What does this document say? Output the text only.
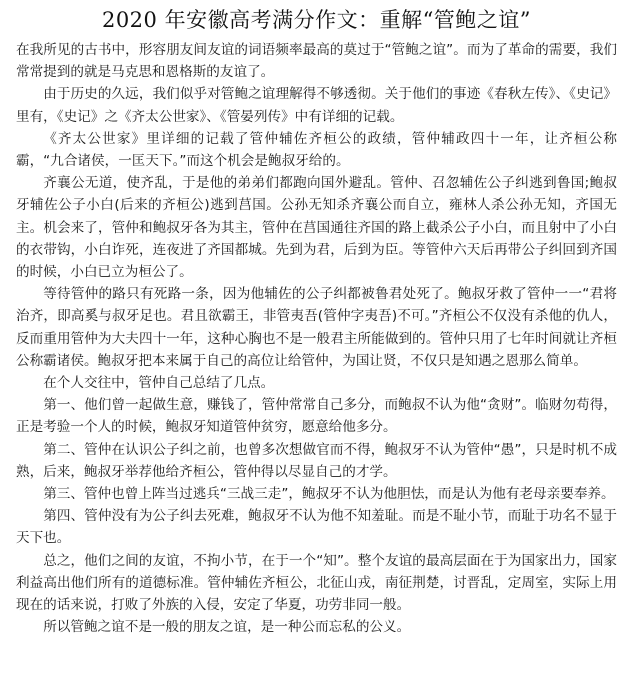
2020 年安徽高考满分作文：重解“管鲍之谊”

在我所见的古书中，形容朋友间友谊的词语频率最高的莫过于“管鲍之谊”。而为了革命的需要，我们常常提到的就是马克思和恩格斯的友谊了。

由于历史的久远，我们似乎对管鲍之谊理解得不够透彻。关于他们的事迹《春秋左传》、《史记》里有，《史记》之《齐太公世家》、《管晏列传》中有详细的记载。

《齐太公世家》里详细的记载了管仲辅佐齐桓公的政绩，管仲辅政四十一年，让齐桓公称霸，“九合诸侯，一匡天下。”而这个机会是鲍叔牙给的。

齐襄公无道，使齐乱，于是他的弟弟们都跑向国外避乱。管仲、召忽辅佐公子纠逃到鲁国;鲍叔牙辅佐公子小白(后来的齐桓公)逃到莒国。公孙无知杀齐襄公而自立，雍林人杀公孙无知，齐国无主。机会来了，管仲和鲍叔牙各为其主，管仲在莒国通往齐国的路上截杀公子小白，而且射中了小白的衣带钩，小白诈死，连夜进了齐国都城。先到为君，后到为臣。等管仲六天后再带公子纠回到齐国的时候，小白已立为桓公了。

等待管仲的路只有死路一条，因为他辅佐的公子纠都被鲁君处死了。鲍叔牙救了管仲一一“君将治齐，即高奚与叔牙足也。君且欲霸王，非管夷吾(管仲字夷吾)不可。”齐桓公不仅没有杀他的仇人，反而重用管仲为大夫四十一年，这种心胸也不是一般君主所能做到的。管仲只用了七年时间就让齐桓公称霸诸侯。鲍叔牙把本来属于自己的高位让给管仲，为国让贤，不仅只是知遇之恩那么简单。

在个人交往中，管仲自己总结了几点。

第一、他们曾一起做生意，赚钱了，管仲常常自己多分，而鲍叔不认为他“贪财”。临财勿苟得，正是考验一个人的时候，鲍叔牙知道管仲贫穷，愿意给他多分。

第二、管仲在认识公子纠之前，也曾多次想做官而不得，鲍叔牙不认为管仲“愚”，只是时机不成熟，后来，鲍叔牙举荐他给齐桓公，管仲得以尽显自己的才学。

第三、管仲也曾上阵当过逃兵“三战三走”，鲍叔牙不认为他胆怯，而是认为他有老母亲要奉养。

第四、管仲没有为公子纠去死难，鲍叔牙不认为他不知羞耻。而是不耻小节，而耻于功名不显于天下也。

总之，他们之间的友谊，不拘小节，在于一个“知”。整个友谊的最高层面在于为国家出力，国家利益高出他们所有的道德标准。管仲辅佐齐桓公，北征山戎，南征荆楚，讨晋乱，定周室，实际上用现在的话来说，打败了外族的入侵，安定了华夏，功劳非同一般。

所以管鲍之谊不是一般的朋友之谊，是一种公而忘私的公义。
